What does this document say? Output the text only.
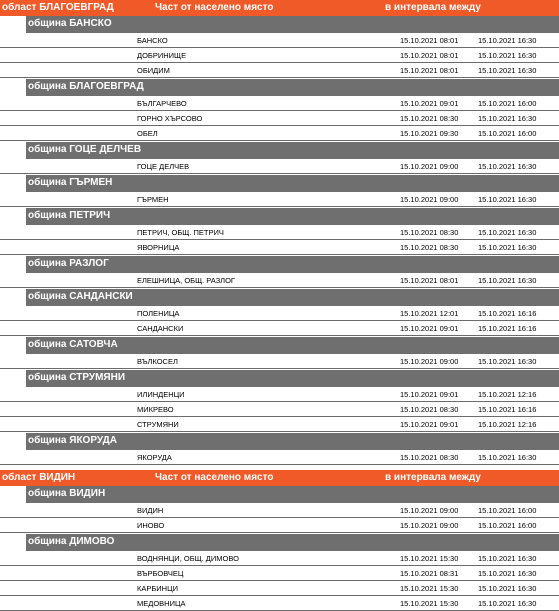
област БЛАГОЕВГРАД	Част от населено място	в интервала между
община БАНСКО
БАНСКО	15.10.2021 08:01	15.10.2021 16:30
ДОБРИНИЩЕ	15.10.2021 08:01	15.10.2021 16:30
ОБИДИМ	15.10.2021 08:01	15.10.2021 16:30
община БЛАГОЕВГРАД
БЪЛГАРЧЕВО	15.10.2021 09:01	15.10.2021 16:00
ГОРНО ХЪРСОВО	15.10.2021 08:30	15.10.2021 16:30
ОБЕЛ	15.10.2021 09:30	15.10.2021 16:00
община ГОЦЕ ДЕЛЧЕВ
ГОЦЕ ДЕЛЧЕВ	15.10.2021 09:00	15.10.2021 16:30
община ГЪРМЕН
ГЪРМЕН	15.10.2021 09:00	15.10.2021 16:30
община ПЕТРИЧ
ПЕТРИЧ, ОБЩ. ПЕТРИЧ	15.10.2021 08:30	15.10.2021 16:30
ЯВОРНИЦА	15.10.2021 08:30	15.10.2021 16:30
община РАЗЛОГ
ЕЛЕШНИЦА, ОБЩ. РАЗЛОГ	15.10.2021 08:01	15.10.2021 16:30
община САНДАНСКИ
ПОЛЕНИЦА	15.10.2021 12:01	15.10.2021 16:16
САНДАНСКИ	15.10.2021 09:01	15.10.2021 16:16
община САТОВЧА
ВЪЛКОСЕЛ	15.10.2021 09:00	15.10.2021 16:30
община СТРУМЯНИ
ИЛИНДЕНЦИ	15.10.2021 09:01	15.10.2021 12:16
МИКРЕВО	15.10.2021 08:30	15.10.2021 16:16
СТРУМЯНИ	15.10.2021 09:01	15.10.2021 12:16
община ЯКОРУДА
ЯКОРУДА	15.10.2021 08:30	15.10.2021 16:30
област ВИДИН	Част от населено място	в интервала между
община ВИДИН
ВИДИН	15.10.2021 09:00	15.10.2021 16:00
ИНОВО	15.10.2021 09:00	15.10.2021 16:00
община ДИМОВО
ВОДНЯНЦИ, ОБЩ. ДИМОВО	15.10.2021 15:30	15.10.2021 16:30
ВЪРБОВЧЕЦ	15.10.2021 08:31	15.10.2021 16:30
КАРБИНЦИ	15.10.2021 15:30	15.10.2021 16:30
МЕДОВНИЦА	15.10.2021 15:30	15.10.2021 16:30
